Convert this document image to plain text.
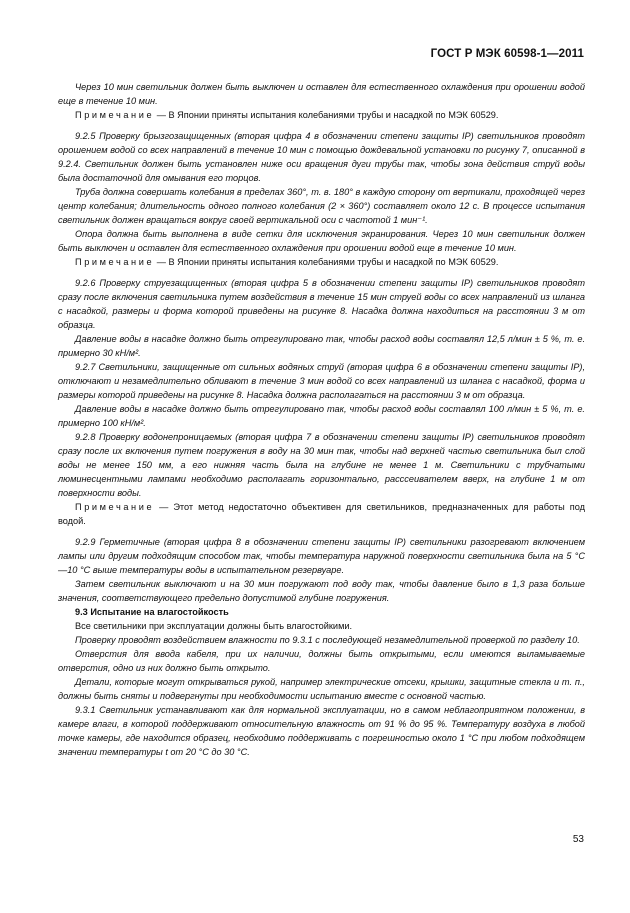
ГОСТ Р МЭК 60598-1—2011

Через 10 мин светильник должен быть выключен и оставлен для естественного охлаждения при орошении водой еще в течение 10 мин.

Примечание — В Японии приняты испытания колебаниями трубы и насадкой по МЭК 60529.

9.2.5 Проверку брызгозащищенных (вторая цифра 4 в обозначении степени защиты IP) светильников проводят орошением водой со всех направлений в течение 10 мин с помощью дождевальной установки по рисунку 7, описанной в 9.2.4. Светильник должен быть установлен ниже оси вращения дуги трубы так, чтобы зона действия струй воды была достаточной для омывания его торцов.

Труба должна совершать колебания в пределах 360°, т. в. 180° в каждую сторону от вертикали, проходящей через центр колебания; длительность одного полного колебания (2 × 360°) составляет около 12 с. В процессе испытания светильник должен вращаться вокруг своей вертикальной оси с частотой 1 мин⁻¹.

Опора должна быть выполнена в виде сетки для исключения экранирования. Через 10 мин светильник должен быть выключен и оставлен для естественного охлаждения при орошении водой еще в течение 10 мин.

Примечание — В Японии приняты испытания колебаниями трубы и насадкой по МЭК 60529.

9.2.6 Проверку струезащищенных (вторая цифра 5 в обозначении степени защиты IP) светильников проводят сразу после включения светильника путем воздействия в течение 15 мин струей воды со всех направлений из шланга с насадкой, размеры и форма которой приведены на рисунке 8. Насадка должна находиться на расстоянии 3 м от образца.

Давление воды в насадке должно быть отрегулировано так, чтобы расход воды составлял 12,5 л/мин ± 5 %, т. е. примерно 30 кН/м².

9.2.7 Светильники, защищенные от сильных водяных струй (вторая цифра 6 в обозначении степени защиты IP), отключают и незамедлительно обливают в течение 3 мин водой со всех направлений из шланга с насадкой, форма и размеры которой приведены на рисунке 8. Насадка должна располагаться на расстоянии 3 м от образца.

Давление воды в насадке должно быть отрегулировано так, чтобы расход воды составлял 100 л/мин ± 5 %, т. е. примерно 100 кН/м².

9.2.8 Проверку водонепроницаемых (вторая цифра 7 в обозначении степени защиты IP) светильников проводят сразу после их включения путем погружения в воду на 30 мин так, чтобы над верхней частью светильника был слой воды не менее 150 мм, а его нижняя часть была на глубине не менее 1 м. Светильники с трубчатыми люминесцентными лампами необходимо располагать горизонтально, расссеивателем вверх, на глубине 1 м от поверхности воды.

Примечание — Этот метод недостаточно объективен для светильников, предназначенных для работы под водой.

9.2.9 Герметичные (вторая цифра 8 в обозначении степени защиты IP) светильники разогревают включением лампы или другим подходящим способом так, чтобы температура наружной поверхности светильника была на 5 °С —10 °С выше температуры воды в испытательном резервуаре.

Затем светильник выключают и на 30 мин погружают под воду так, чтобы давление было в 1,3 раза больше значения, соответствующего предельно допустимой глубине погружения.

9.3 Испытание на влагостойкость

Все светильники при эксплуатации должны быть влагостойкими.

Проверку проводят воздействием влажности по 9.3.1 с последующей незамедлительной проверкой по разделу 10.

Отверстия для ввода кабеля, при их наличии, должны быть открытыми, если имеются выламываемые отверстия, одно из них должно быть открыто.

Детали, которые могут открываться рукой, например электрические отсеки, крышки, защитные стекла и т. п., должны быть сняты и подвергнуты при необходимости испытанию вместе с основной частью.

9.3.1 Светильник устанавливают как для нормальной эксплуатации, но в самом неблагоприятном положении, в камере влаги, в которой поддерживают относительную влажность от 91 % до 95 %. Температуру воздуха в любой точке камеры, где находится образец, необходимо поддерживать с погрешностью около 1 °С при любом подходящем значении температуры t от 20 °С до 30 °С.

53
